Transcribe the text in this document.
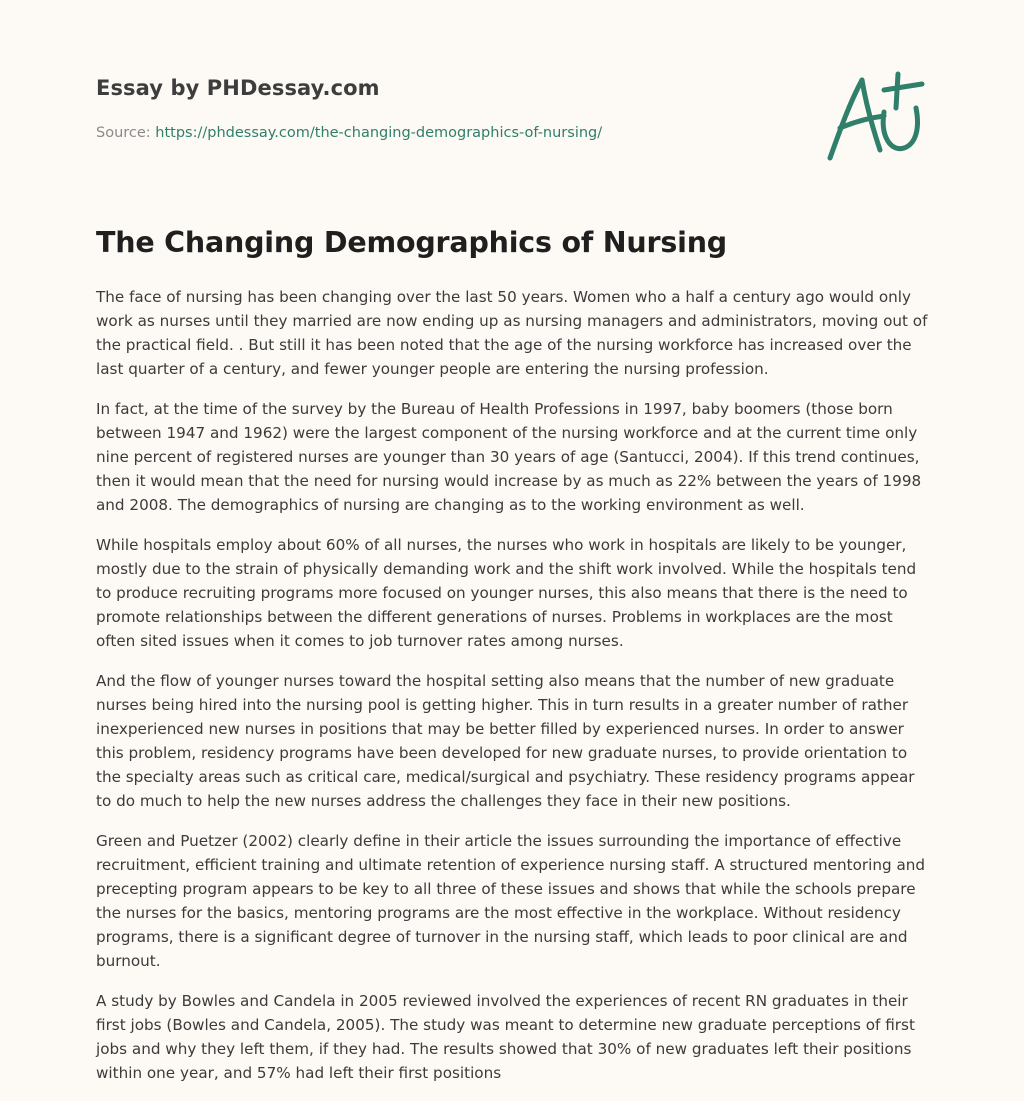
Essay by PHDessay.com
Source: https://phdessay.com/the-changing-demographics-of-nursing/
The Changing Demographics of Nursing

The face of nursing has been changing over the last 50 years. Women who a half a century ago would only work as nurses until they married are now ending up as nursing managers and administrators, moving out of the practical field. . But still it has been noted that the age of the nursing workforce has increased over the last quarter of a century, and fewer younger people are entering the nursing profession.

In fact, at the time of the survey by the Bureau of Health Professions in 1997, baby boomers (those born between 1947 and 1962) were the largest component of the nursing workforce and at the current time only nine percent of registered nurses are younger than 30 years of age (Santucci, 2004). If this trend continues, then it would mean that the need for nursing would increase by as much as 22% between the years of 1998 and 2008. The demographics of nursing are changing as to the working environment as well.

While hospitals employ about 60% of all nurses, the nurses who work in hospitals are likely to be younger, mostly due to the strain of physically demanding work and the shift work involved. While the hospitals tend to produce recruiting programs more focused on younger nurses, this also means that there is the need to promote relationships between the different generations of nurses. Problems in workplaces are the most often sited issues when it comes to job turnover rates among nurses.

And the flow of younger nurses toward the hospital setting also means that the number of new graduate nurses being hired into the nursing pool is getting higher. This in turn results in a greater number of rather inexperienced new nurses in positions that may be better filled by experienced nurses. In order to answer this problem, residency programs have been developed for new graduate nurses, to provide orientation to the specialty areas such as critical care, medical/surgical and psychiatry. These residency programs appear to do much to help the new nurses address the challenges they face in their new positions.

Green and Puetzer (2002) clearly define in their article the issues surrounding the importance of effective recruitment, efficient training and ultimate retention of experience nursing staff. A structured mentoring and precepting program appears to be key to all three of these issues and shows that while the schools prepare the nurses for the basics, mentoring programs are the most effective in the workplace. Without residency programs, there is a significant degree of turnover in the nursing staff, which leads to poor clinical are and burnout.

A study by Bowles and Candela in 2005 reviewed involved the experiences of recent RN graduates in their first jobs (Bowles and Candela, 2005). The study was meant to determine new graduate perceptions of first jobs and why they left them, if they had. The results showed that 30% of new graduates left their positions within one year, and 57% had left their first positions
